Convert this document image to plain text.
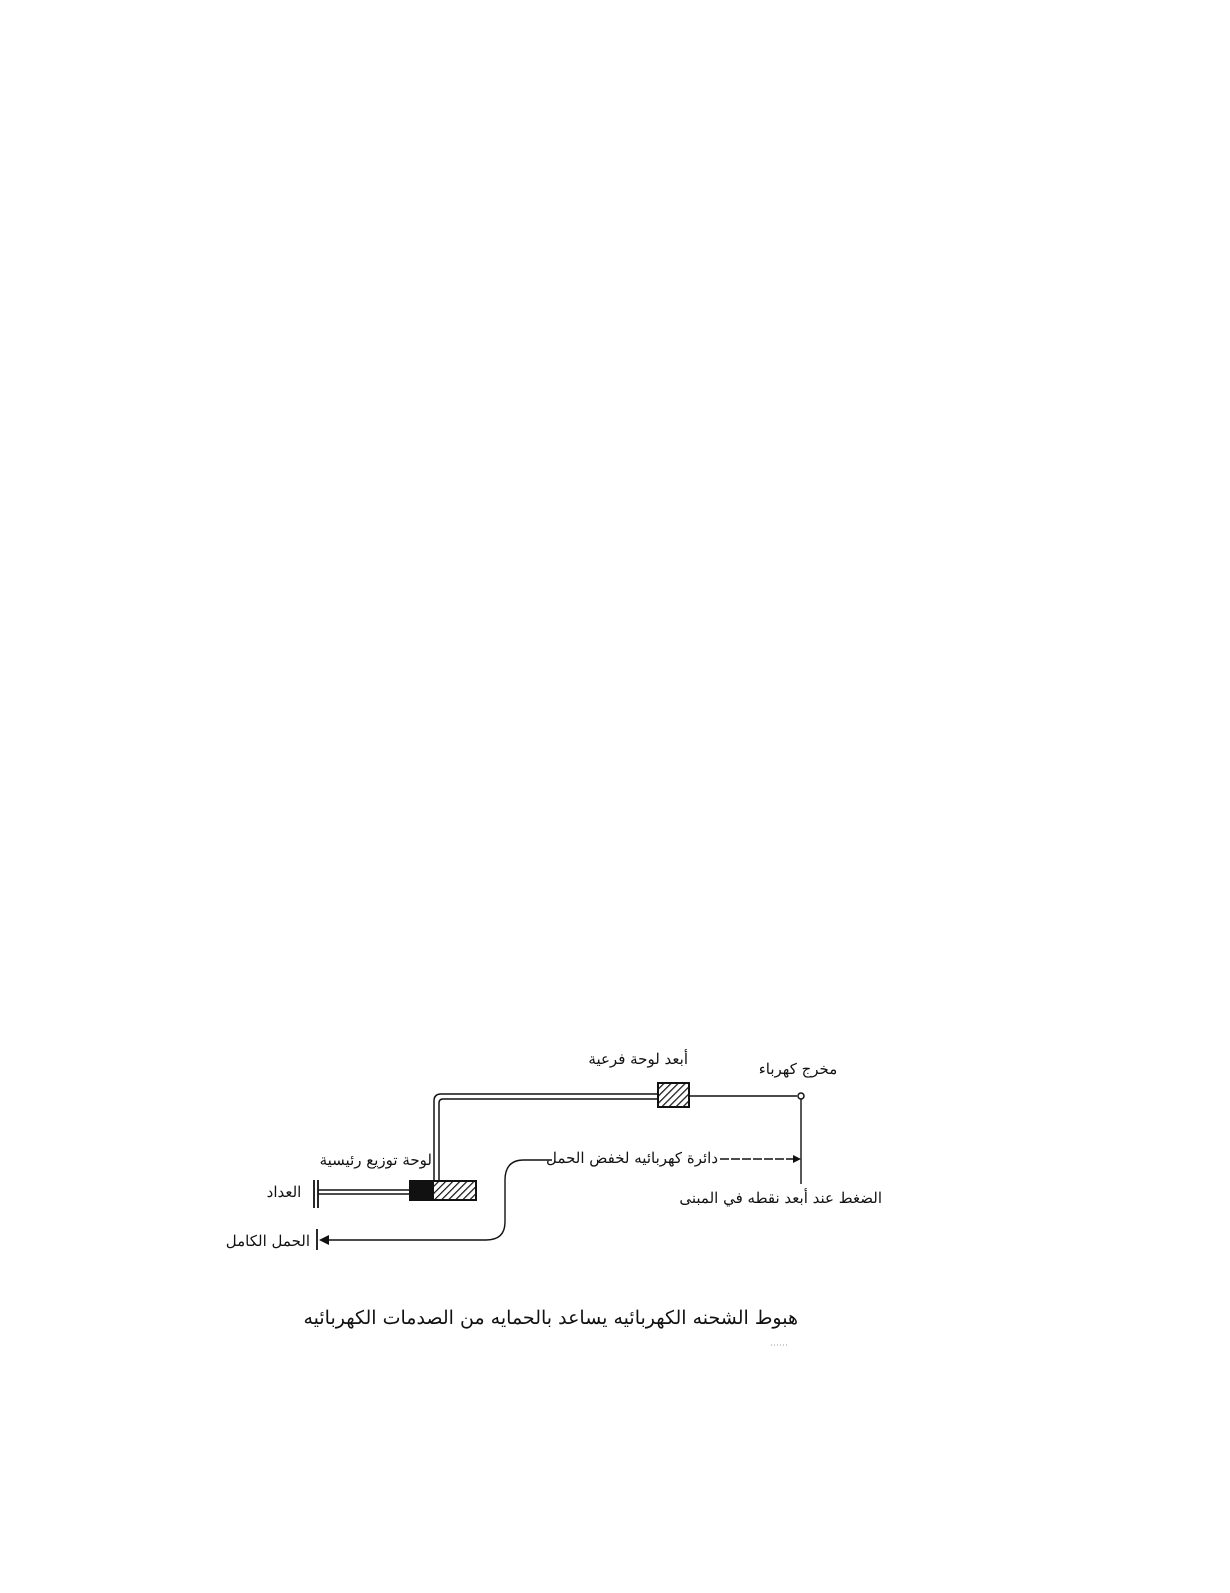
أبعد لوحة فرعية
مخرج كهرباء
دائرة كهربائيه لخفض الحمل
لوحة توزيع رئيسية
العداد	الضغط عند أبعد نقطه في المبنى
الحمل الكامل
هبوط الشحنه الكهربائيه يساعد بالحمايه من الصدمات الكهربائيه
